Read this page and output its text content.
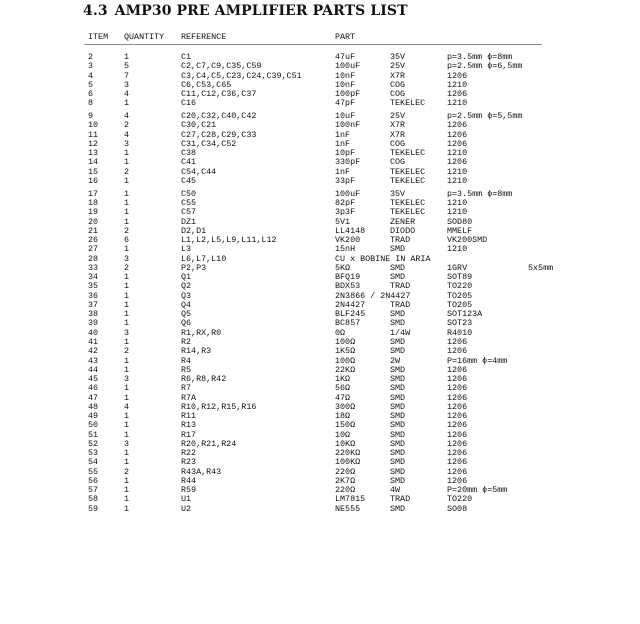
4.3 AMP30 PRE AMPLIFIER PARTS LIST
ITEM QUANTITY REFERENCE	PART
2	1	C1	47uF	35V	p=3.5mm ϕ=8mm
3	5	C2,C7,C9,C35,C59	100uF	25V	p=2.5mm ϕ=6,5mm
4	7	C3,C4,C5,C23,C24,C39,C51	10nF	X7R	1206
5	3	C6,C53,C65	10nF	COG	1210
6	4	C11,C12,C36,C37	100pF	COG	1206
8	1	C16	47pF	TEKELEC	1210
9	4	C20,C32,C40,C42	10uF	25V	p=2.5mm ϕ=5,5mm
10	2	C30,C21	100nF	X7R	1206
11	4	C27,C28,C29,C33	1nF	X7R	1206
12	3	C31,C34,C52	1nF	COG	1206
13	1	C38	10pF	TEKELEC	1210
14	1	C41	330pF	COG	1206
15	2	C54,C44	1nF	TEKELEC	1210
16	1	C45	33pF	TEKELEC	1210
17	1	C50	100uF	35V	p=3.5mm ϕ=8mm
18	1	C55	82pF	TEKELEC	1210
19	1	C57	3p3F	TEKELEC	1210
20	1	DZ1	5V1	ZENER	SOD80
21	2	D2,D1	LL4148	DIODO	MMELF
26	6	L1,L2,L5,L9,L11,L12	VK200	TRAD	VK200SMD
27	1	L3	15nH	SMD	1210
28	3	L6,L7,L10	CU x BOBINE IN ARIA
33	2	P2,P3	5KΩ	SMD	1GRV	5x5mm
34	1	Q1	BFQ19	SMD	SOT89
35	1	Q2	BDX53	TRAD	TO220
36	1	Q3	2N3866 / 2N4427	TO205
37	1	Q4	2N4427	TRAD	TO205
38	1	Q5	BLF245	SMD	SOT123A
39	1	Q6	BC857	SMD	SOT23
40	3	R1,RX,R0	0Ω	1/4W	R4010
41	1	R2	100Ω	SMD	1206
42	2	R14,R3	1K5Ω	SMD	1206
43	1	R4	100Ω	2W	P=16mm ϕ=4mm
44	1	R5	22KΩ	SMD	1206
45	3	R6,R8,R42	1KΩ	SMD	1206
46	1	R7	56Ω	SMD	1206
47	1	R7A	47Ω	SMD	1206
48	4	R10,R12,R15,R16	300Ω	SMD	1206
49	1	R11	18Ω	SMD	1206
50	1	R13	150Ω	SMD	1206
51	1	R17	10Ω	SMD	1206
52	3	R20,R21,R24	10KΩ	SMD	1206
53	1	R22	220KΩ	SMD	1206
54	1	R23	100KΩ	SMD	1206
55	2	R43A,R43	220Ω	SMD	1206
56	1	R44	2K7Ω	SMD	1206
57	1	R59	220Ω	4W	P=20mm ϕ=5mm
58	1	U1	LM7815	TRAD	TO220
59	1	U2	NE555	SMD	SO08
